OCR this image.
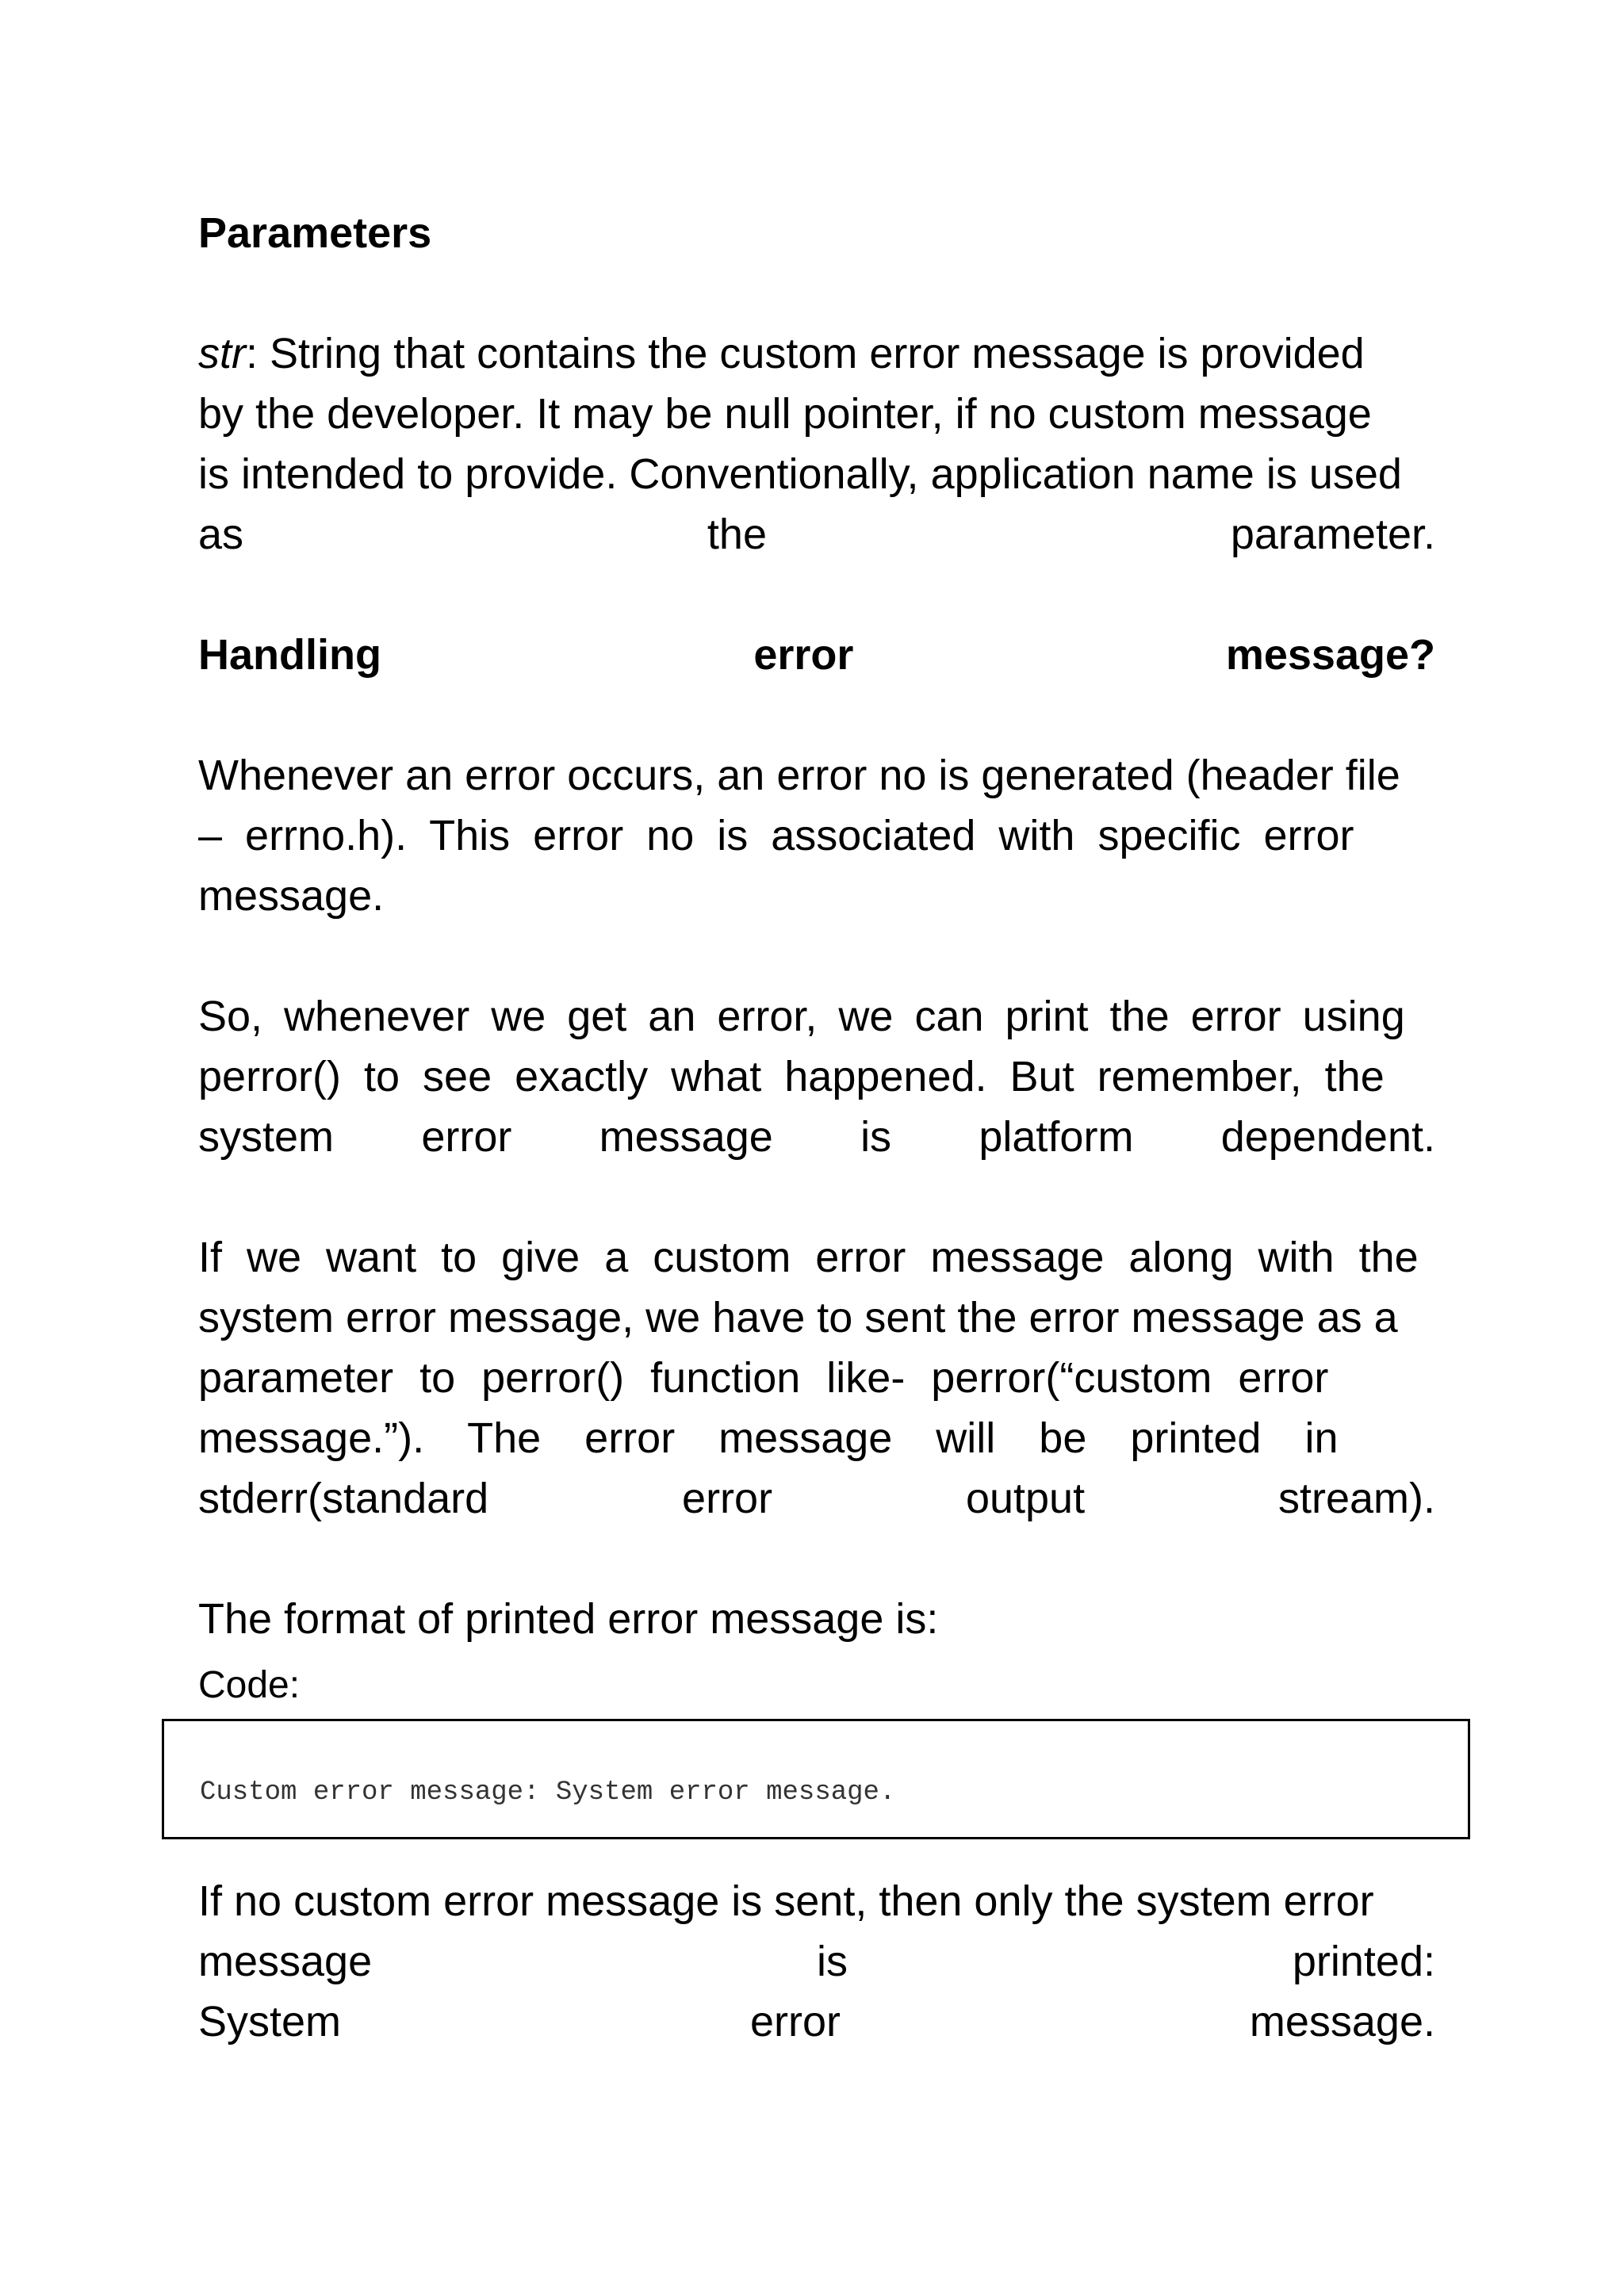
Parameters
str: String that contains the custom error message is provided
by the developer. It may be null pointer, if no custom message
is intended to provide. Conventionally, application name is used
as	the	parameter.
Handling	error	message?
Whenever an error occurs, an error no is generated (header file
– errno.h). This error no is associated with specific error
message.
So, whenever we get an error, we can print the error using
perror() to see exactly what happened. But remember, the
system error message is platform dependent.
If we want to give a custom error message along with the
system error message, we have to sent the error message as a
parameter to perror() function like- perror(“custom error
message.”). The error message will be printed in
stderr(standard	error	output	stream).
The format of printed error message is:
Code:
If no custom error message is sent, then only the system error
message	is	printed:
System	error	message.
Custom error message: System error message.
